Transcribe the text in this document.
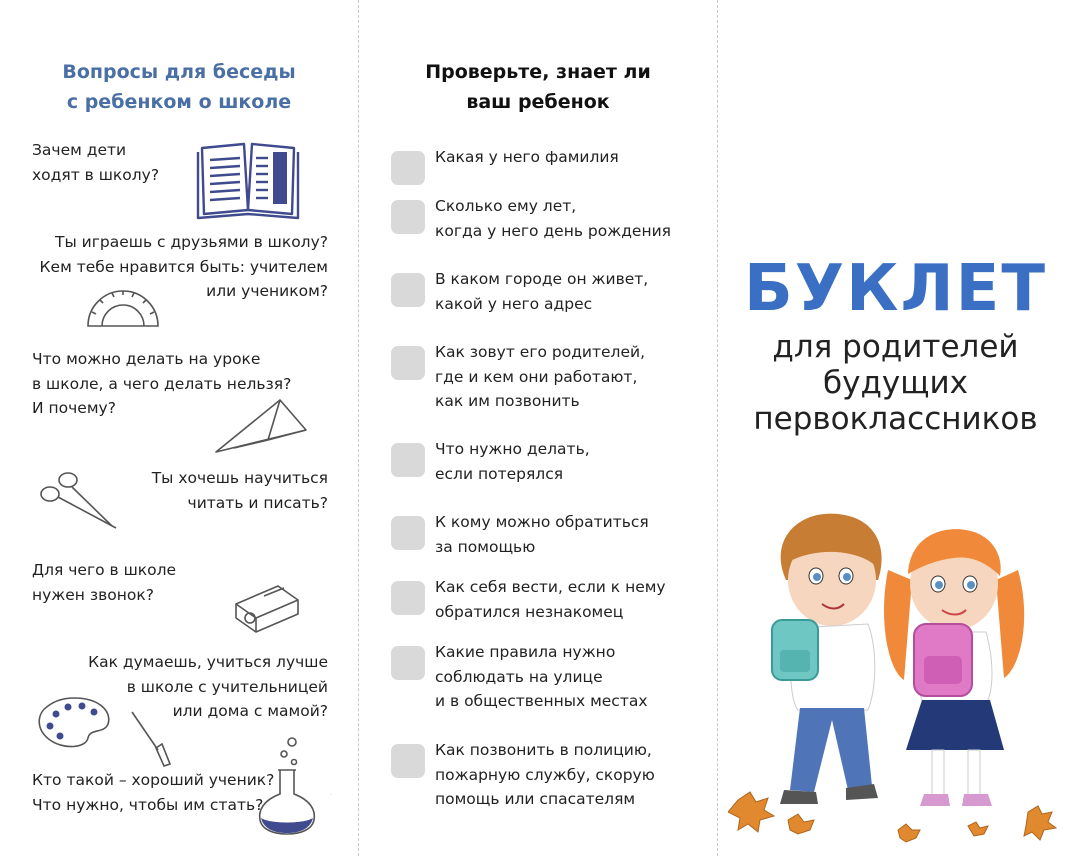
Вопросы для беседы
с ребенком о школе
Зачем дети
ходят в школу?
Ты играешь с друзьями в школу?
Кем тебе нравится быть: учителем
или учеником?
Что можно делать на уроке
в школе, а чего делать нельзя?
И почему?
Ты хочешь научиться
читать и писать?
Для чего в школе
нужен звонок?
Как думаешь, учиться лучше
в школе с учительницей
или дома с мамой?
Кто такой – хороший ученик?
Что нужно, чтобы им стать?
·
Проверьте, знает ли
ваш ребенок
Какая у него фамилия
Сколько ему лет,
когда у него день рождения
В каком городе он живет,
какой у него адрес
Как зовут его родителей,
где и кем они работают,
как им позвонить
Что нужно делать,
если потерялся
К кому можно обратиться
за помощью
Как себя вести, если к нему
обратился незнакомец
Какие правила нужно
соблюдать на улице
и в общественных местах
Как позвонить в полицию,
пожарную службу, скорую
помощь или спасателям
БУКЛЕТ
для родителей
будущих
первоклассников
